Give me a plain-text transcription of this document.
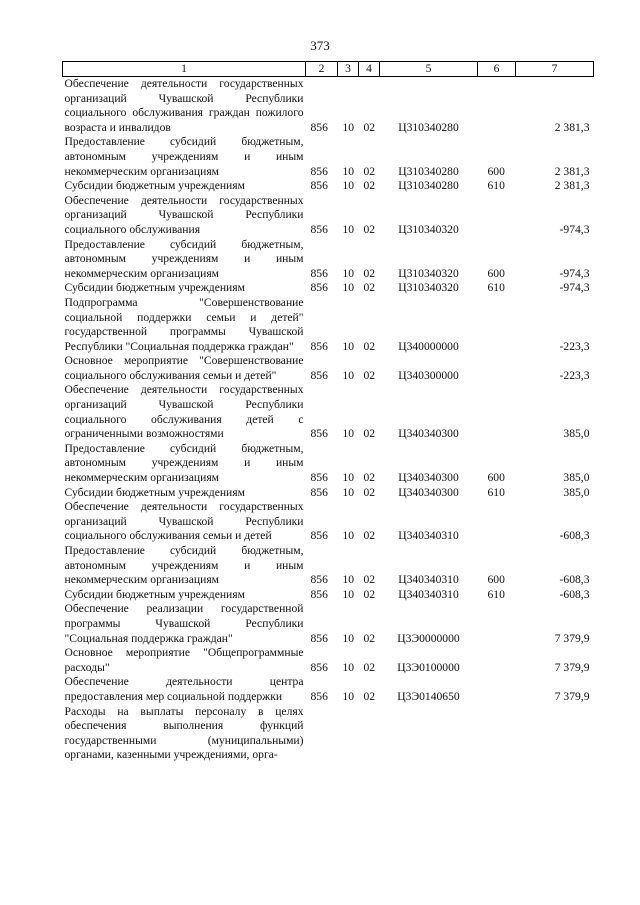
373
1	2	3	4	5	6	7
Обеспечение деятельности государственных организаций Чувашской Республики социального обслуживания граждан пожилого возраста и инвалидов	856	10	02	Ц310340280		2 381,3
Предоставление субсидий бюджетным, автономным учреждениям и иным некоммерческим организациям	856	10	02	Ц310340280	600	2 381,3
Субсидии бюджетным учреждениям	856	10	02	Ц310340280	610	2 381,3
Обеспечение деятельности государственных организаций Чувашской Республики социального обслуживания	856	10	02	Ц310340320		-974,3
Предоставление субсидий бюджетным, автономным учреждениям и иным некоммерческим организациям	856	10	02	Ц310340320	600	-974,3
Субсидии бюджетным учреждениям	856	10	02	Ц310340320	610	-974,3
Подпрограмма "Совершенствование социальной поддержки семьи и детей" государственной программы Чувашской Республики "Социальная поддержка граждан"	856	10	02	Ц340000000		-223,3
Основное мероприятие "Совершенствование социального обслуживания семьи и детей"	856	10	02	Ц340300000		-223,3
Обеспечение деятельности государственных организаций Чувашской Республики социального обслуживания детей с ограниченными возможностями	856	10	02	Ц340340300		385,0
Предоставление субсидий бюджетным, автономным учреждениям и иным некоммерческим организациям	856	10	02	Ц340340300	600	385,0
Субсидии бюджетным учреждениям	856	10	02	Ц340340300	610	385,0
Обеспечение деятельности государственных организаций Чувашской Республики социального обслуживания семьи и детей	856	10	02	Ц340340310		-608,3
Предоставление субсидий бюджетным, автономным учреждениям и иным некоммерческим организациям	856	10	02	Ц340340310	600	-608,3
Субсидии бюджетным учреждениям	856	10	02	Ц340340310	610	-608,3
Обеспечение реализации государственной программы Чувашской Республики "Социальная поддержка граждан"	856	10	02	Ц3Э0000000		7 379,9
Основное мероприятие "Общепрограммные расходы"	856	10	02	Ц3Э0100000		7 379,9
Обеспечение деятельности центра предоставления мер социальной поддержки	856	10	02	Ц3Э0140650		7 379,9
Расходы на выплаты персоналу в целях обеспечения выполнения функций государственными (муниципальными) органами, казенными учреждениями, орга-						
